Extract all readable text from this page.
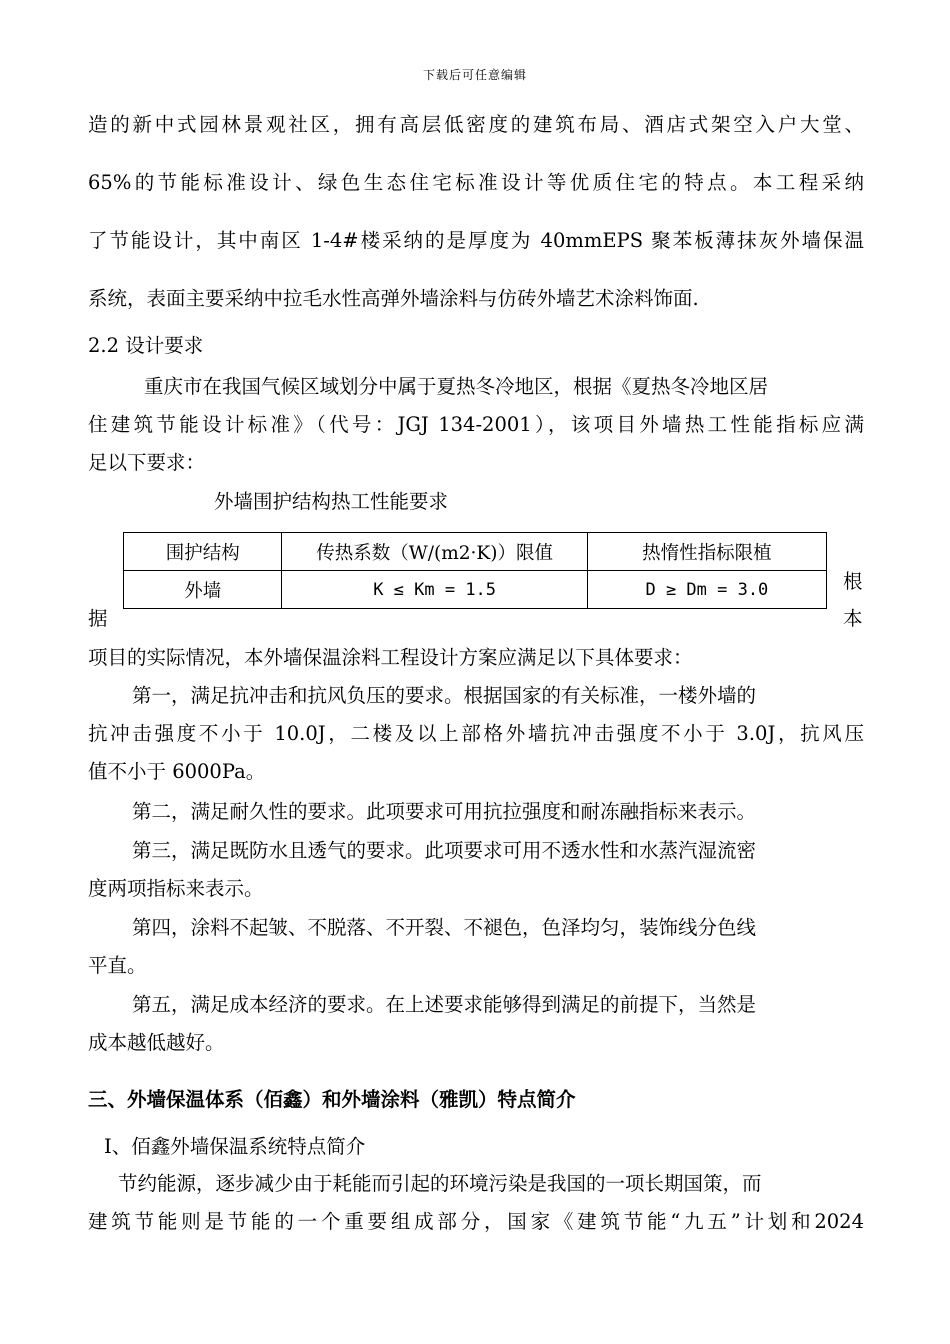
下载后可任意编辑
造的新中式园林景观社区，拥有高层低密度的建筑布局、酒店式架空入户大堂、
65%的节能标准设计、绿色生态住宅标准设计等优质住宅的特点。本工程采纳
了节能设计，其中南区 1-4#楼采纳的是厚度为 40mmEPS 聚苯板薄抹灰外墙保温
系统，表面主要采纳中拉毛水性高弹外墙涂料与仿砖外墙艺术涂料饰面.
2.2 设计要求
重庆市在我国气候区域划分中属于夏热冬冷地区，根据《夏热冬冷地区居
住建筑节能设计标准》（代号：JGJ 134-2001），该项目外墙热工性能指标应满
足以下要求：
外墙围护结构热工性能要求
围护结构	传热系数（W/(m2·K)）限值	热惰性指标限植
外墙	K ≤ Km = 1.5	D ≥ Dm = 3.0
据
根
本
项目的实际情况，本外墙保温涂料工程设计方案应满足以下具体要求：
第一，满足抗冲击和抗风负压的要求。根据国家的有关标准，一楼外墙的
抗冲击强度不小于 10.0J，二楼及以上部格外墙抗冲击强度不小于 3.0J，抗风压
值不小于 6000Pa。
第二，满足耐久性的要求。此项要求可用抗拉强度和耐冻融指标来表示。
第三，满足既防水且透气的要求。此项要求可用不透水性和水蒸汽湿流密
度两项指标来表示。
第四，涂料不起皱、不脱落、不开裂、不褪色，色泽均匀，装饰线分色线
平直。
第五，满足成本经济的要求。在上述要求能够得到满足的前提下，当然是
成本越低越好。
三、外墙保温体系（佰鑫）和外墙涂料（雅凯）特点简介
Ⅰ、佰鑫外墙保温系统特点简介
节约能源，逐步减少由于耗能而引起的环境污染是我国的一项长期国策，而
建筑节能则是节能的一个重要组成部分，国家《建筑节能“九五”计划和2024
